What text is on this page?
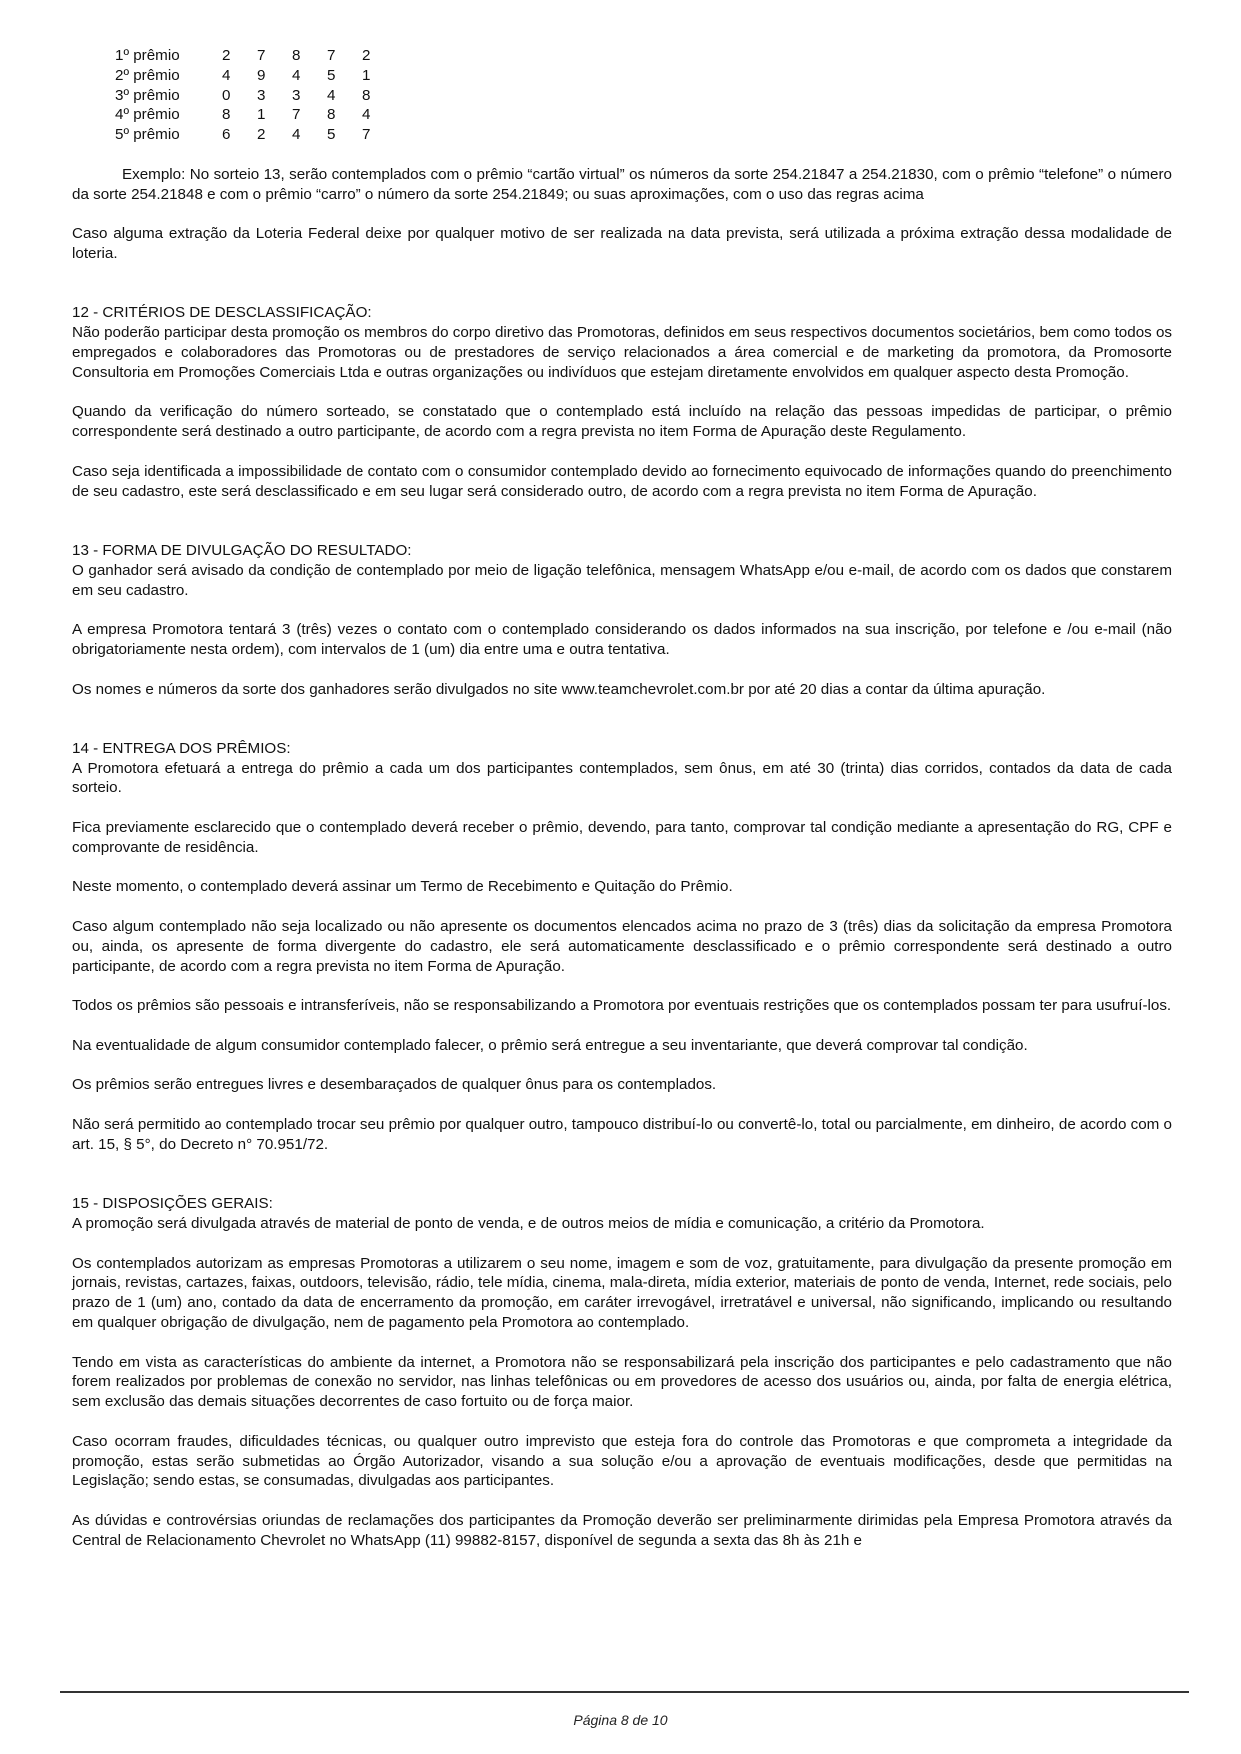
1º prêmio	2	7	8	7	2
2º prêmio	4	9	4	5	1
3º prêmio	0	3	3	4	8
4º prêmio	8	1	7	8	4
5º prêmio	6	2	4	5	7

Exemplo: No sorteio 13, serão contemplados com o prêmio “cartão virtual” os números da sorte 254.21847 a 254.21830, com o prêmio “telefone” o número da sorte 254.21848 e com o prêmio “carro” o número da sorte 254.21849; ou suas aproximações, com o uso das regras acima

Caso alguma extração da Loteria Federal deixe por qualquer motivo de ser realizada na data prevista, será utilizada a próxima extração dessa modalidade de loteria.

12 - CRITÉRIOS DE DESCLASSIFICAÇÃO:

Não poderão participar desta promoção os membros do corpo diretivo das Promotoras, definidos em seus respectivos documentos societários, bem como todos os empregados e colaboradores das Promotoras ou de prestadores de serviço relacionados a área comercial e de marketing da promotora, da Promosorte Consultoria em Promoções Comerciais Ltda e outras organizações ou indivíduos que estejam diretamente envolvidos em qualquer aspecto desta Promoção.

Quando da verificação do número sorteado, se constatado que o contemplado está incluído na relação das pessoas impedidas de participar, o prêmio correspondente será destinado a outro participante, de acordo com a regra prevista no item Forma de Apuração deste Regulamento.

Caso seja identificada a impossibilidade de contato com o consumidor contemplado devido ao fornecimento equivocado de informações quando do preenchimento de seu cadastro, este será desclassificado e em seu lugar será considerado outro, de acordo com a regra prevista no item Forma de Apuração.

13 - FORMA DE DIVULGAÇÃO DO RESULTADO:

O ganhador será avisado da condição de contemplado por meio de ligação telefônica, mensagem WhatsApp e/ou e-mail, de acordo com os dados que constarem em seu cadastro.

A empresa Promotora tentará 3 (três) vezes o contato com o contemplado considerando os dados informados na sua inscrição, por telefone e /ou e-mail (não obrigatoriamente nesta ordem), com intervalos de 1 (um) dia entre uma e outra tentativa.

Os nomes e números da sorte dos ganhadores serão divulgados no site www.teamchevrolet.com.br por até 20 dias a contar da última apuração.

14 - ENTREGA DOS PRÊMIOS:

A Promotora efetuará a entrega do prêmio a cada um dos participantes contemplados, sem ônus, em até 30 (trinta) dias corridos, contados da data de cada sorteio.

Fica previamente esclarecido que o contemplado deverá receber o prêmio, devendo, para tanto, comprovar tal condição mediante a apresentação do RG, CPF e comprovante de residência.

Neste momento, o contemplado deverá assinar um Termo de Recebimento e Quitação do Prêmio.

Caso algum contemplado não seja localizado ou não apresente os documentos elencados acima no prazo de 3 (três) dias da solicitação da empresa Promotora ou, ainda, os apresente de forma divergente do cadastro, ele será automaticamente desclassificado e o prêmio correspondente será destinado a outro participante, de acordo com a regra prevista no item Forma de Apuração.

Todos os prêmios são pessoais e intransferíveis, não se responsabilizando a Promotora por eventuais restrições que os contemplados possam ter para usufruí-los.

Na eventualidade de algum consumidor contemplado falecer, o prêmio será entregue a seu inventariante, que deverá comprovar tal condição.

Os prêmios serão entregues livres e desembaraçados de qualquer ônus para os contemplados.

Não será permitido ao contemplado trocar seu prêmio por qualquer outro, tampouco distribuí-lo ou convertê-lo, total ou parcialmente, em dinheiro, de acordo com o art. 15, § 5°, do Decreto n° 70.951/72.

15 - DISPOSIÇÕES GERAIS:

A promoção será divulgada através de material de ponto de venda, e de outros meios de mídia e comunicação, a critério da Promotora.

Os contemplados autorizam as empresas Promotoras a utilizarem o seu nome, imagem e som de voz, gratuitamente, para divulgação da presente promoção em jornais, revistas, cartazes, faixas, outdoors, televisão, rádio, tele mídia, cinema, mala-direta, mídia exterior, materiais de ponto de venda, Internet, rede sociais, pelo prazo de 1 (um) ano, contado da data de encerramento da promoção, em caráter irrevogável, irretratável e universal, não significando, implicando ou resultando em qualquer obrigação de divulgação, nem de pagamento pela Promotora ao contemplado.

Tendo em vista as características do ambiente da internet, a Promotora não se responsabilizará pela inscrição dos participantes e pelo cadastramento que não forem realizados por problemas de conexão no servidor, nas linhas telefônicas ou em provedores de acesso dos usuários ou, ainda, por falta de energia elétrica, sem exclusão das demais situações decorrentes de caso fortuito ou de força maior.

Caso ocorram fraudes, dificuldades técnicas, ou qualquer outro imprevisto que esteja fora do controle das Promotoras e que comprometa a integridade da promoção, estas serão submetidas ao Órgão Autorizador, visando a sua solução e/ou a aprovação de eventuais modificações, desde que permitidas na Legislação; sendo estas, se consumadas, divulgadas aos participantes.

As dúvidas e controvérsias oriundas de reclamações dos participantes da Promoção deverão ser preliminarmente dirimidas pela Empresa Promotora através da Central de Relacionamento Chevrolet no WhatsApp (11) 99882-8157, disponível de segunda a sexta das 8h às 21h e

Página 8 de 10
